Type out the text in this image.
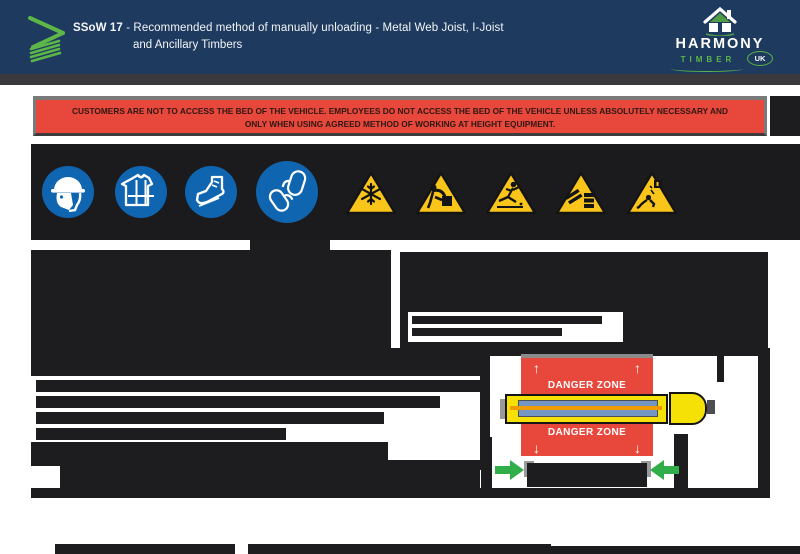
SSoW 17 - Recommended method of manually unloading - Metal Web Joist, I-Joist
and Ancillary Timbers	HARMONY
TIMBER	UK
CUSTOMERS ARE NOT TO ACCESS THE BED OF THE VEHICLE. EMPLOYEES DO NOT ACCESS THE BED OF THE VEHICLE UNLESS ABSOLUTELY NECESSARY AND
ONLY WHEN USING AGREED METHOD OF WORKING AT HEIGHT EQUIPMENT.
↑	↑
DANGER ZONE
DANGER ZONE
↓	↓
